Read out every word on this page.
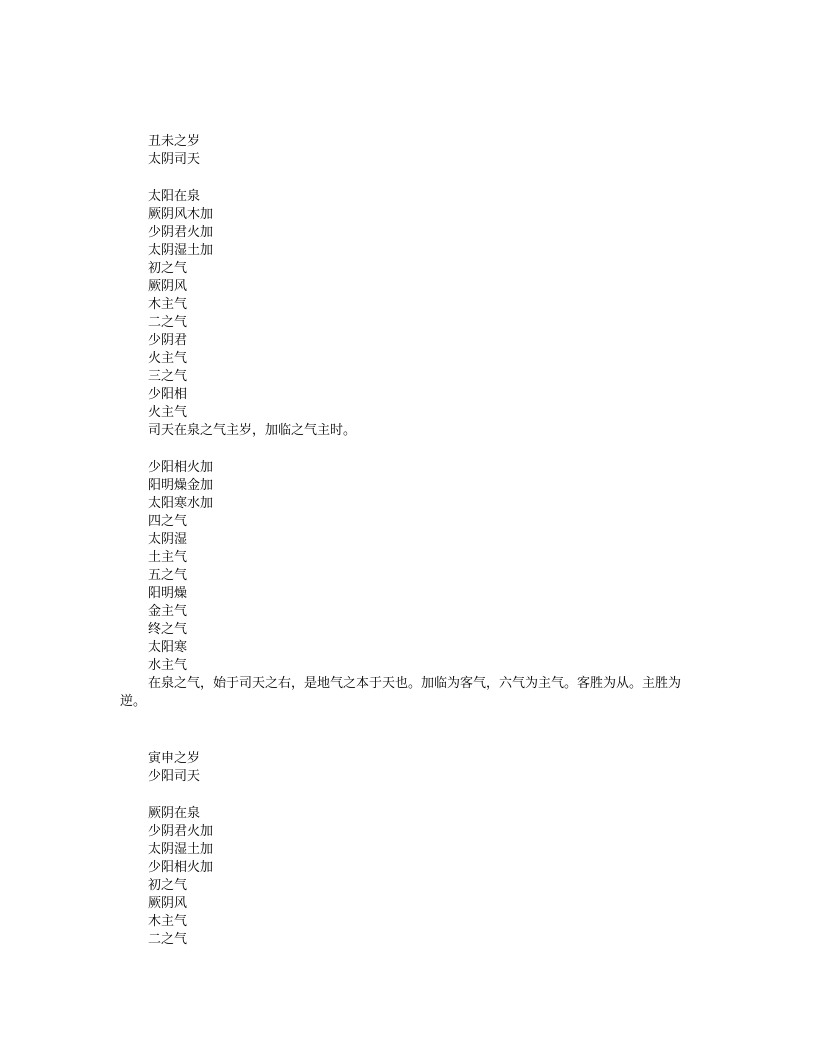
丑未之岁
太阴司天
太阳在泉
厥阴风木加
少阴君火加
太阴湿土加
初之气
厥阴风
木主气
二之气
少阴君
火主气
三之气
少阳相
火主气
司天在泉之气主岁，加临之气主时。
少阳相火加
阳明燥金加
太阳寒水加
四之气
太阴湿
土主气
五之气
阳明燥
金主气
终之气
太阳寒
水主气

在泉之气，始于司天之右，是地气之本于天也。加临为客气，六气为主气。客胜为从。主胜为逆。

寅申之岁
少阳司天
厥阴在泉
少阴君火加
太阴湿土加
少阳相火加
初之气
厥阴风
木主气
二之气
